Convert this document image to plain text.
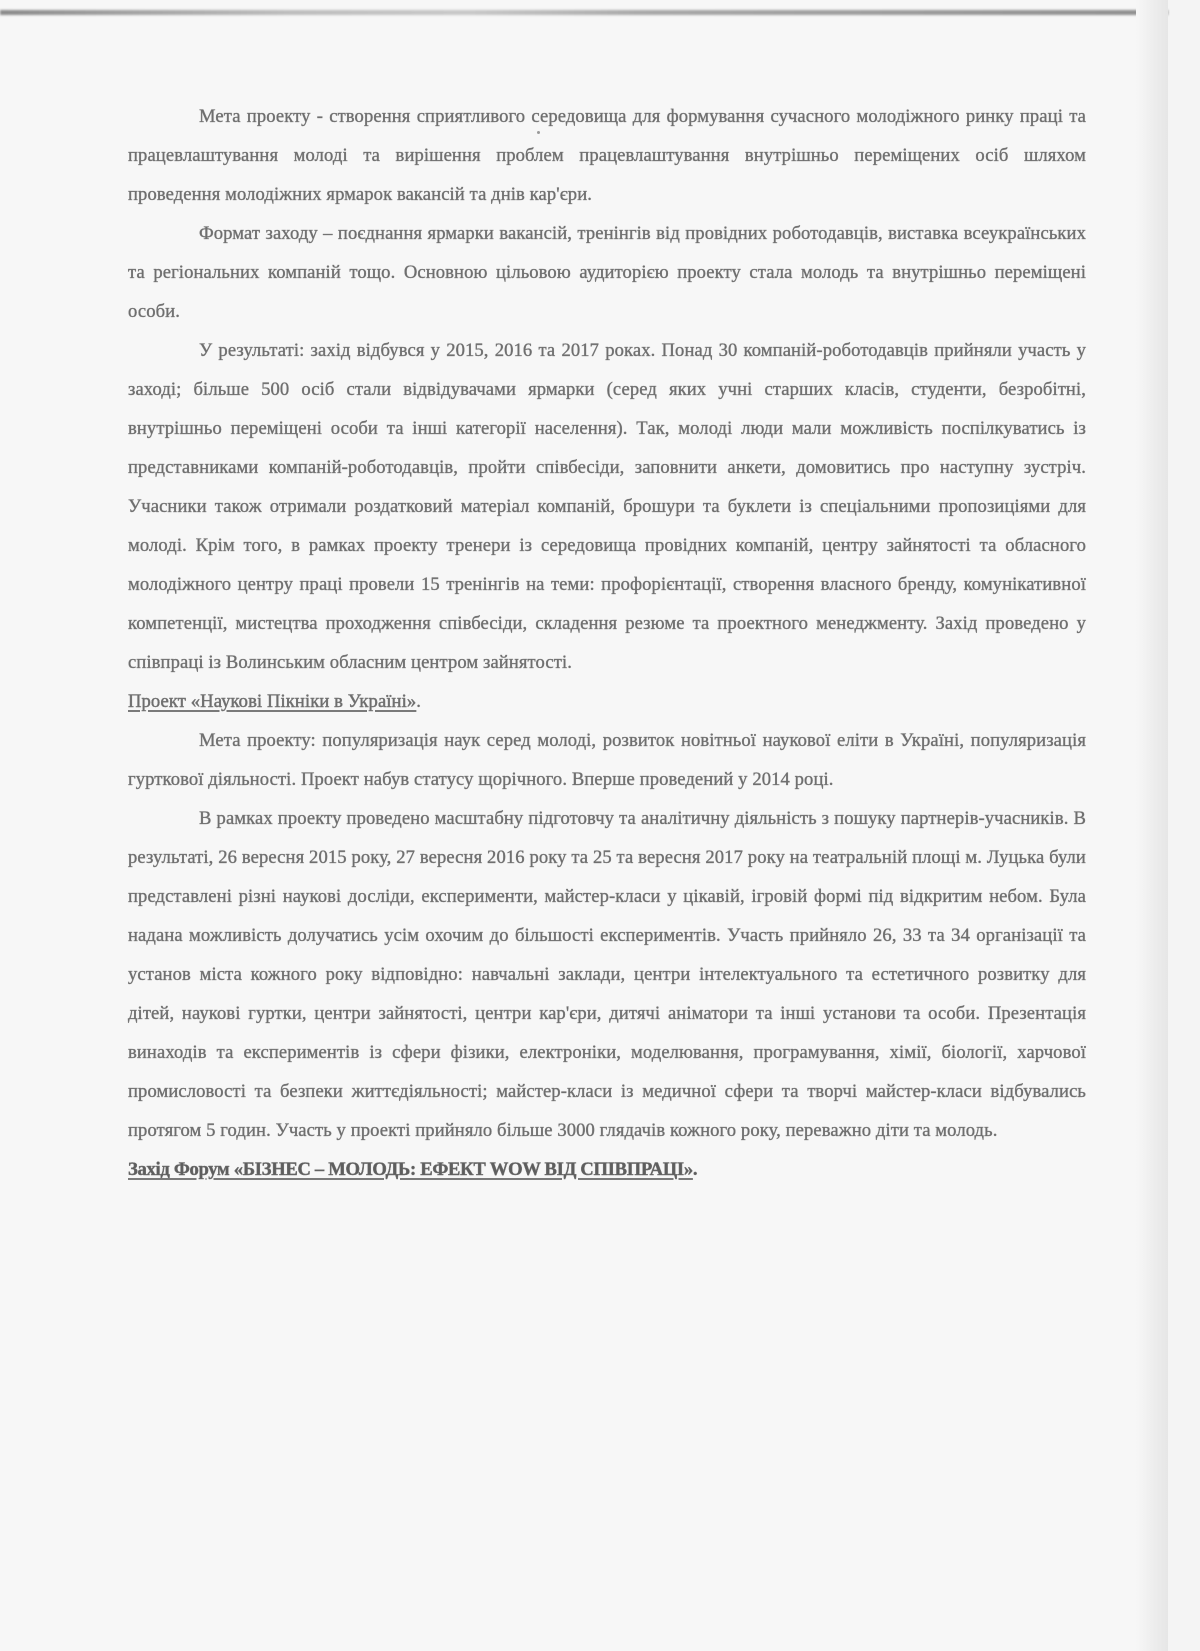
Мета проекту - створення сприятливого середовища для формування сучасного молодіжного ринку праці та працевлаштування молоді та вирішення проблем працевлаштування внутрішньо переміщених осіб шляхом проведення молодіжних ярмарок вакансій та днів кар'єри.

Формат заходу – поєднання ярмарки вакансій, тренінгів від провідних роботодавців, виставка всеукраїнських та регіональних компаній тощо. Основною цільовою аудиторією проекту стала молодь та внутрішньо переміщені особи.

У результаті: захід відбувся у 2015, 2016 та 2017 роках. Понад 30 компаній-роботодавців прийняли участь у заході; більше 500 осіб стали відвідувачами ярмарки (серед яких учні старших класів, студенти, безробітні, внутрішньо переміщені особи та інші категорії населення). Так, молоді люди мали можливість поспілкуватись із представниками компаній-роботодавців, пройти співбесіди, заповнити анкети, домовитись про наступну зустріч. Учасники також отримали роздатковий матеріал компаній, брошури та буклети із спеціальними пропозиціями для молоді. Крім того, в рамках проекту тренери із середовища провідних компаній, центру зайнятості та обласного молодіжного центру праці провели 15 тренінгів на теми: профорієнтації, створення власного бренду, комунікативної компетенції, мистецтва проходження співбесіди, складення резюме та проектного менеджменту. Захід проведено у співпраці із Волинським обласним центром зайнятості.

Проект «Наукові Пікніки в Україні».

Мета проекту: популяризація наук серед молоді, розвиток новітньої наукової еліти в Україні, популяризація гурткової діяльності. Проект набув статусу щорічного. Вперше проведений у 2014 році.

В рамках проекту проведено масштабну підготовчу та аналітичну діяльність з пошуку партнерів-учасників. В результаті, 26 вересня 2015 року, 27 вересня 2016 року та 25 та вересня 2017 року на театральній площі м. Луцька були представлені різні наукові досліди, експерименти, майстер-класи у цікавій, ігровій формі під відкритим небом. Була надана можливість долучатись усім охочим до більшості експериментів. Участь прийняло 26, 33 та 34 організації та установ міста кожного року відповідно: навчальні заклади, центри інтелектуального та естетичного розвитку для дітей, наукові гуртки, центри зайнятості, центри кар'єри, дитячі аніматори та інші установи та особи. Презентація винаходів та експериментів із сфери фізики, електроніки, моделювання, програмування, хімії, біології, харчової промисловості та безпеки життєдіяльності; майстер-класи із медичної сфери та творчі майстер-класи відбувались протягом 5 годин. Участь у проекті прийняло більше 3000 глядачів кожного року, переважно діти та молодь.

Захід Форум «БІЗНЕС – МОЛОДЬ: ЕФЕКТ WOW ВІД СПІВПРАЦІ».
